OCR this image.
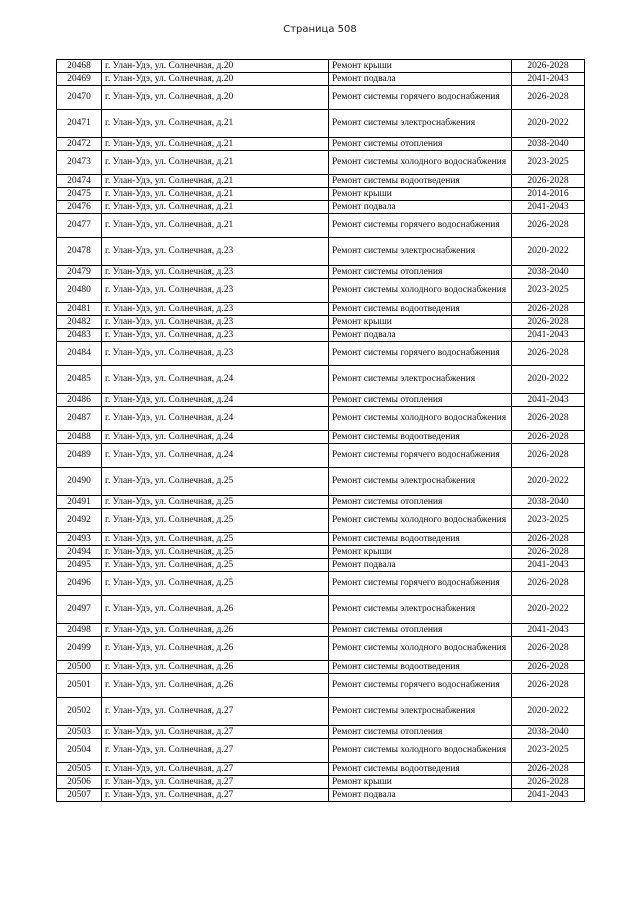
Страница 508
20468	г. Улан-Удэ, ул. Солнечная, д.20	Ремонт крыши	2026-2028
20469	г. Улан-Удэ, ул. Солнечная, д.20	Ремонт подвала	2041-2043
20470	г. Улан-Удэ, ул. Солнечная, д.20	Ремонт системы горячего водоснабжения	2026-2028
20471	г. Улан-Удэ, ул. Солнечная, д.21	Ремонт системы электроснабжения	2020-2022
20472	г. Улан-Удэ, ул. Солнечная, д.21	Ремонт системы отопления	2038-2040
20473	г. Улан-Удэ, ул. Солнечная, д.21	Ремонт системы холодного водоснабжения	2023-2025
20474	г. Улан-Удэ, ул. Солнечная, д.21	Ремонт системы водоотведения	2026-2028
20475	г. Улан-Удэ, ул. Солнечная, д.21	Ремонт крыши	2014-2016
20476	г. Улан-Удэ, ул. Солнечная, д.21	Ремонт подвала	2041-2043
20477	г. Улан-Удэ, ул. Солнечная, д.21	Ремонт системы горячего водоснабжения	2026-2028
20478	г. Улан-Удэ, ул. Солнечная, д.23	Ремонт системы электроснабжения	2020-2022
20479	г. Улан-Удэ, ул. Солнечная, д.23	Ремонт системы отопления	2038-2040
20480	г. Улан-Удэ, ул. Солнечная, д.23	Ремонт системы холодного водоснабжения	2023-2025
20481	г. Улан-Удэ, ул. Солнечная, д.23	Ремонт системы водоотведения	2026-2028
20482	г. Улан-Удэ, ул. Солнечная, д.23	Ремонт крыши	2026-2028
20483	г. Улан-Удэ, ул. Солнечная, д.23	Ремонт подвала	2041-2043
20484	г. Улан-Удэ, ул. Солнечная, д.23	Ремонт системы горячего водоснабжения	2026-2028
20485	г. Улан-Удэ, ул. Солнечная, д.24	Ремонт системы электроснабжения	2020-2022
20486	г. Улан-Удэ, ул. Солнечная, д.24	Ремонт системы отопления	2041-2043
20487	г. Улан-Удэ, ул. Солнечная, д.24	Ремонт системы холодного водоснабжения	2026-2028
20488	г. Улан-Удэ, ул. Солнечная, д.24	Ремонт системы водоотведения	2026-2028
20489	г. Улан-Удэ, ул. Солнечная, д.24	Ремонт системы горячего водоснабжения	2026-2028
20490	г. Улан-Удэ, ул. Солнечная, д.25	Ремонт системы электроснабжения	2020-2022
20491	г. Улан-Удэ, ул. Солнечная, д.25	Ремонт системы отопления	2038-2040
20492	г. Улан-Удэ, ул. Солнечная, д.25	Ремонт системы холодного водоснабжения	2023-2025
20493	г. Улан-Удэ, ул. Солнечная, д.25	Ремонт системы водоотведения	2026-2028
20494	г. Улан-Удэ, ул. Солнечная, д.25	Ремонт крыши	2026-2028
20495	г. Улан-Удэ, ул. Солнечная, д.25	Ремонт подвала	2041-2043
20496	г. Улан-Удэ, ул. Солнечная, д.25	Ремонт системы горячего водоснабжения	2026-2028
20497	г. Улан-Удэ, ул. Солнечная, д.26	Ремонт системы электроснабжения	2020-2022
20498	г. Улан-Удэ, ул. Солнечная, д.26	Ремонт системы отопления	2041-2043
20499	г. Улан-Удэ, ул. Солнечная, д.26	Ремонт системы холодного водоснабжения	2026-2028
20500	г. Улан-Удэ, ул. Солнечная, д.26	Ремонт системы водоотведения	2026-2028
20501	г. Улан-Удэ, ул. Солнечная, д.26	Ремонт системы горячего водоснабжения	2026-2028
20502	г. Улан-Удэ, ул. Солнечная, д.27	Ремонт системы электроснабжения	2020-2022
20503	г. Улан-Удэ, ул. Солнечная, д.27	Ремонт системы отопления	2038-2040
20504	г. Улан-Удэ, ул. Солнечная, д.27	Ремонт системы холодного водоснабжения	2023-2025
20505	г. Улан-Удэ, ул. Солнечная, д.27	Ремонт системы водоотведения	2026-2028
20506	г. Улан-Удэ, ул. Солнечная, д.27	Ремонт крыши	2026-2028
20507	г. Улан-Удэ, ул. Солнечная, д.27	Ремонт подвала	2041-2043
